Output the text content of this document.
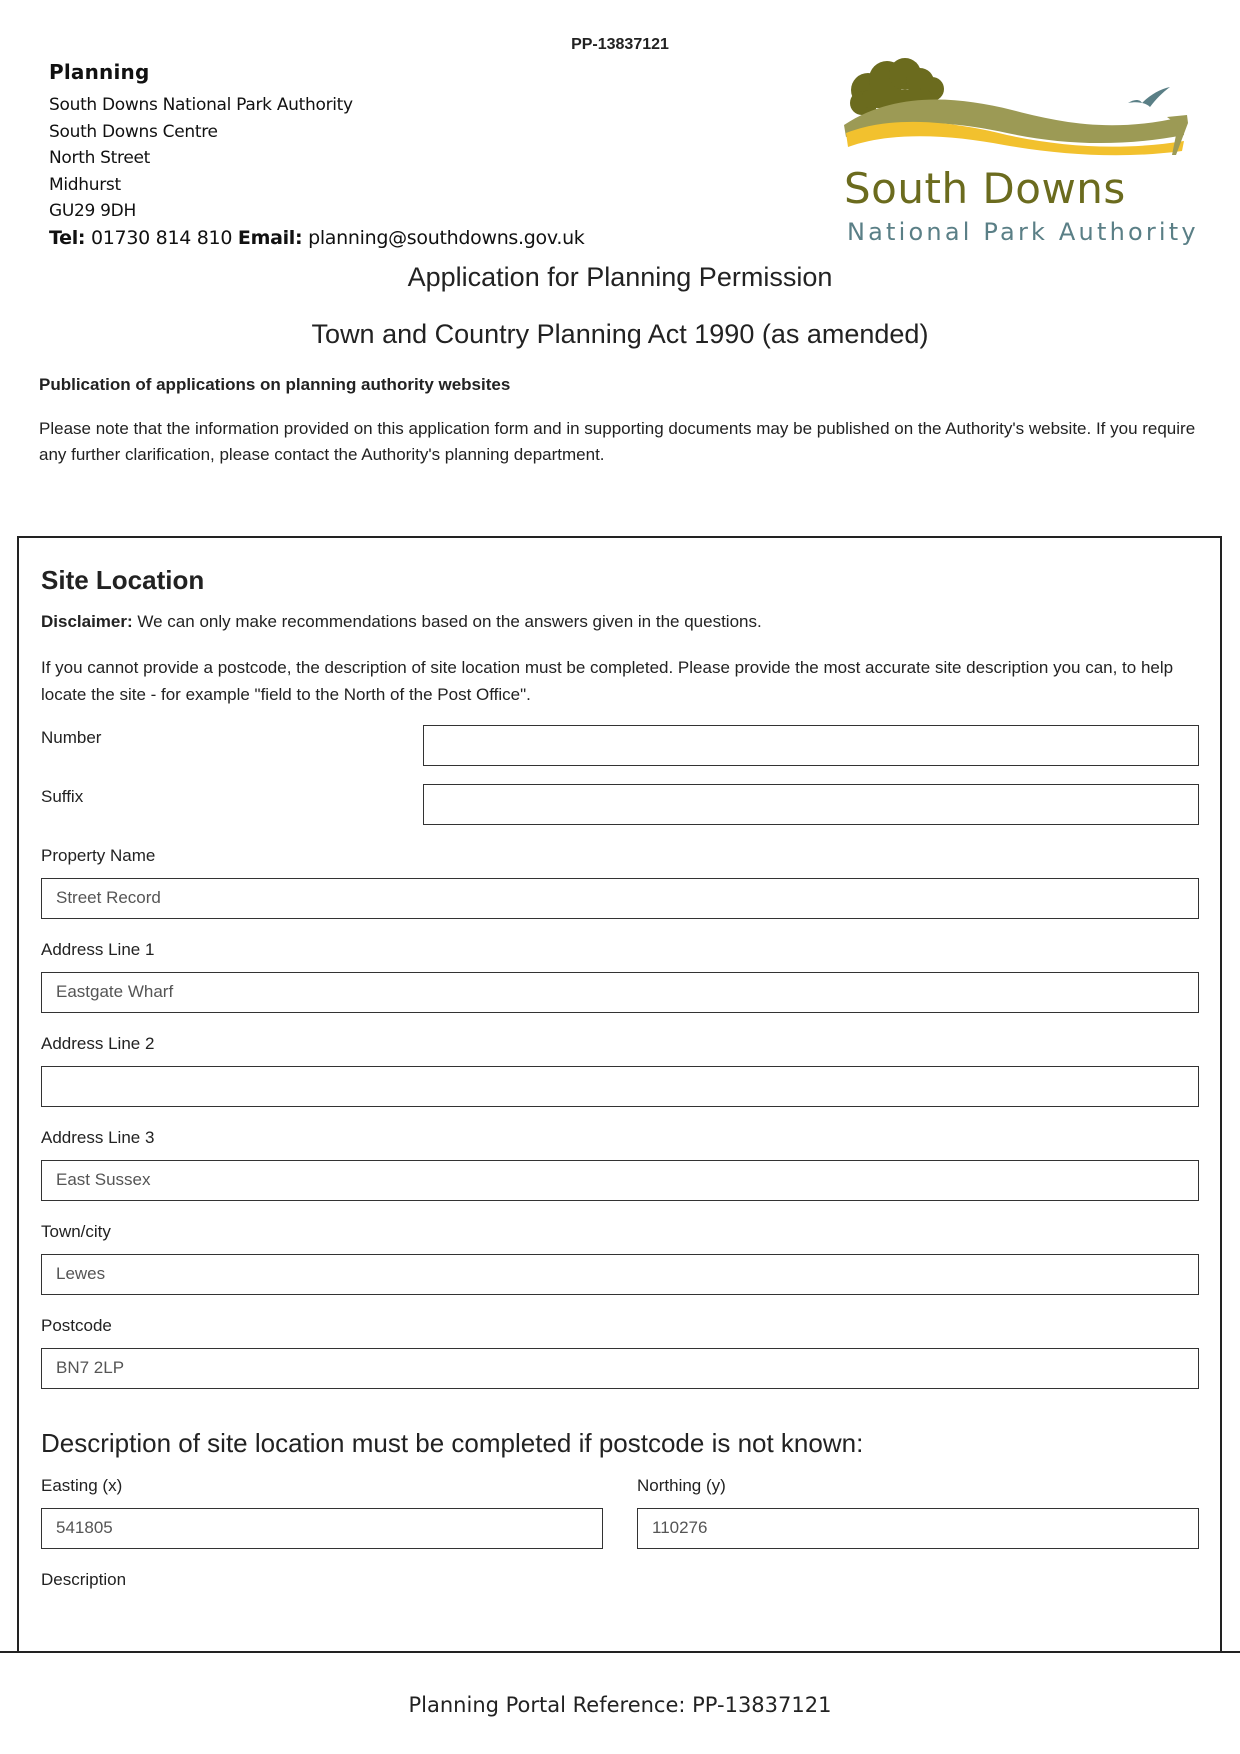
PP-13837121
Planning
South Downs National Park Authority
South Downs Centre
North Street
Midhurst
GU29 9DH
Tel: 01730 814 810 Email: planning@southdowns.gov.uk
South Downs
National Park Authority
Application for Planning Permission
Town and Country Planning Act 1990 (as amended)
Publication of applications on planning authority websites
Please note that the information provided on this application form and in supporting documents may be published on the Authority's website. If you require any further clarification, please contact the Authority's planning department.
Site Location
Disclaimer: We can only make recommendations based on the answers given in the questions.
If you cannot provide a postcode, the description of site location must be completed. Please provide the most accurate site description you can, to help locate the site - for example "field to the North of the Post Office".
Number
Suffix
Property Name
Street Record
Address Line 1
Eastgate Wharf
Address Line 2
Address Line 3
East Sussex
Town/city
Lewes
Postcode
BN7 2LP
Description of site location must be completed if postcode is not known:
Easting (x)
541805
Northing (y)
110276
Description
Planning Portal Reference: PP-13837121
